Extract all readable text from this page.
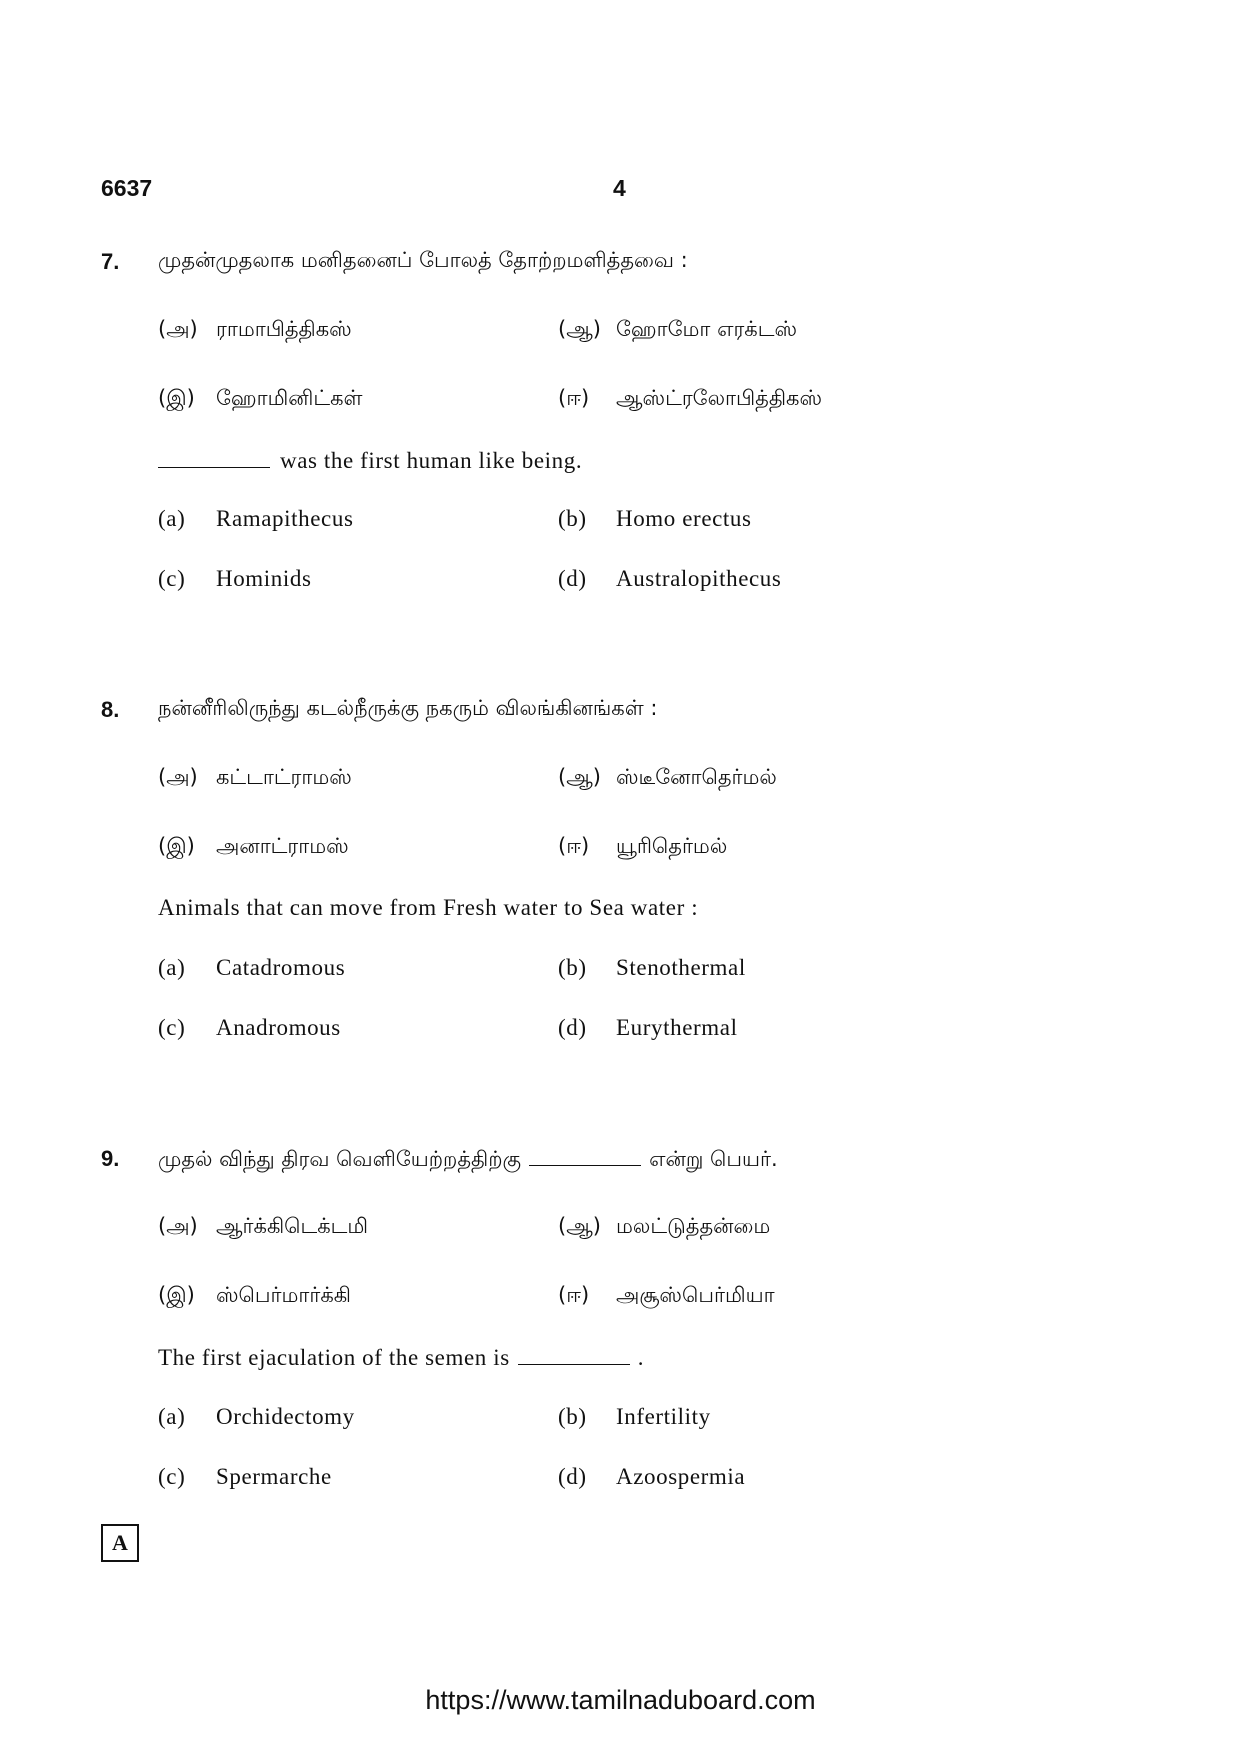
6637	4
7. முதன்முதலாக மனிதனைப் போலத் தோற்றமளித்தவை :
(அ) ராமாபித்திகஸ்	(ஆ) ஹோமோ எரக்டஸ்
(இ) ஹோமினிட்கள்	(ஈ) ஆஸ்ட்ரலோபித்திகஸ்
was the first human like being.
(a) Ramapithecus	(b) Homo erectus
(c) Hominids	(d) Australopithecus
8. நன்னீரிலிருந்து கடல்நீருக்கு நகரும் விலங்கினங்கள் :
(அ) கட்டாட்ராமஸ்	(ஆ) ஸ்டீனோதெர்மல்
(இ) அனாட்ராமஸ்	(ஈ) யூரிதெர்மல்
Animals that can move from Fresh water to Sea water :
(a) Catadromous	(b) Stenothermal
(c) Anadromous	(d) Eurythermal
9. முதல் விந்து திரவ வெளியேற்றத்திற்கு	என்று பெயர்.
(அ) ஆர்க்கிடெக்டமி	(ஆ) மலட்டுத்தன்மை
(இ) ஸ்பெர்மார்க்கி	(ஈ) அசூஸ்பெர்மியா
The first ejaculation of the semen is	.
(a) Orchidectomy	(b) Infertility
(c) Spermarche	(d) Azoospermia
A
https://www.tamilnaduboard.com
